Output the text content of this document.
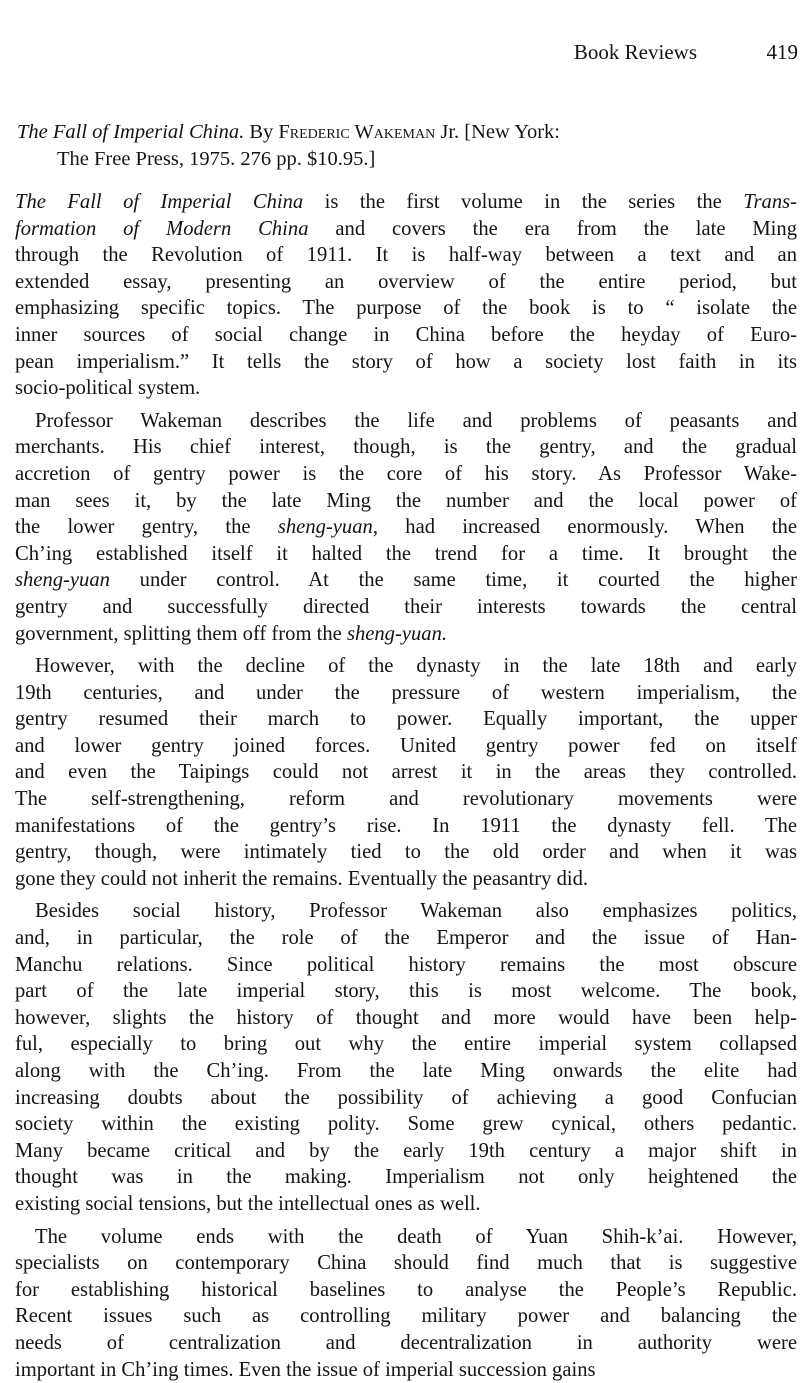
Book Reviews	419

The Fall of Imperial China. By Frederic Wakeman Jr. [New York:

The Free Press, 1975. 276 pp. $10.95.]

The Fall of Imperial China is the first volume in the series the Trans-
formation of Modern China and covers the era from the late Ming
through the Revolution of 1911. It is half-way between a text and an
extended essay, presenting an overview of the entire period, but
emphasizing specific topics. The purpose of the book is to “ isolate the
inner sources of social change in China before the heyday of Euro-
pean imperialism.” It tells the story of how a society lost faith in its
socio-political system.

Professor Wakeman describes the life and problems of peasants and
merchants. His chief interest, though, is the gentry, and the gradual
accretion of gentry power is the core of his story. As Professor Wake-
man sees it, by the late Ming the number and the local power of
the lower gentry, the sheng-yuan, had increased enormously. When the
Ch’ing established itself it halted the trend for a time. It brought the
sheng-yuan under control. At the same time, it courted the higher
gentry and successfully directed their interests towards the central
government, splitting them off from the sheng-yuan.

However, with the decline of the dynasty in the late 18th and early
19th centuries, and under the pressure of western imperialism, the
gentry resumed their march to power. Equally important, the upper
and lower gentry joined forces. United gentry power fed on itself
and even the Taipings could not arrest it in the areas they controlled.
The self-strengthening, reform and revolutionary movements were
manifestations of the gentry’s rise. In 1911 the dynasty fell. The
gentry, though, were intimately tied to the old order and when it was
gone they could not inherit the remains. Eventually the peasantry did.

Besides social history, Professor Wakeman also emphasizes politics,
and, in particular, the role of the Emperor and the issue of Han-
Manchu relations. Since political history remains the most obscure
part of the late imperial story, this is most welcome. The book,
however, slights the history of thought and more would have been help-
ful, especially to bring out why the entire imperial system collapsed
along with the Ch’ing. From the late Ming onwards the elite had
increasing doubts about the possibility of achieving a good Confucian
society within the existing polity. Some grew cynical, others pedantic.
Many became critical and by the early 19th century a major shift in
thought was in the making. Imperialism not only heightened the
existing social tensions, but the intellectual ones as well.

The volume ends with the death of Yuan Shih-k’ai. However,
specialists on contemporary China should find much that is suggestive
for establishing historical baselines to analyse the People’s Republic.
Recent issues such as controlling military power and balancing the
needs of centralization and decentralization in authority were
important in Ch’ing times. Even the issue of imperial succession gains
